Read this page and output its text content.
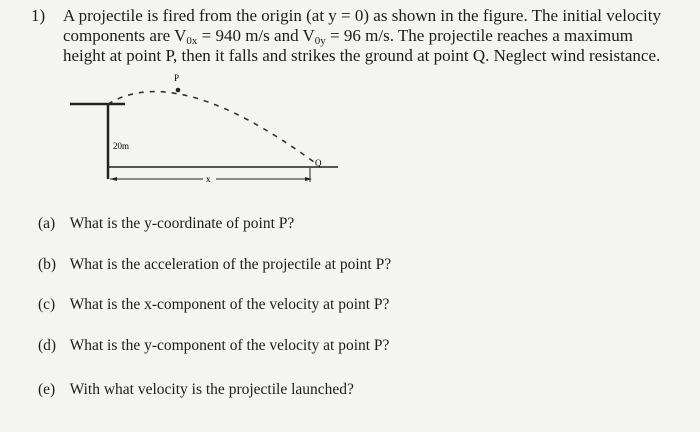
1) A projectile is fired from the origin (at y = 0) as shown in the figure. The initial velocity
components are $V_{0x} = 940$ m/s and $V_{0y} = 96$ m/s. The projectile reaches a maximum
height at point P, then it falls and strikes the ground at point Q. Neglect wind resistance.
P
20m
x
Q
(a) What is the y-coordinate of point P?
(b) What is the acceleration of the projectile at point P?
(c) What is the x-component of the velocity at point P?
(d) What is the y-component of the velocity at point P?
(e) With what velocity is the projectile launched?
